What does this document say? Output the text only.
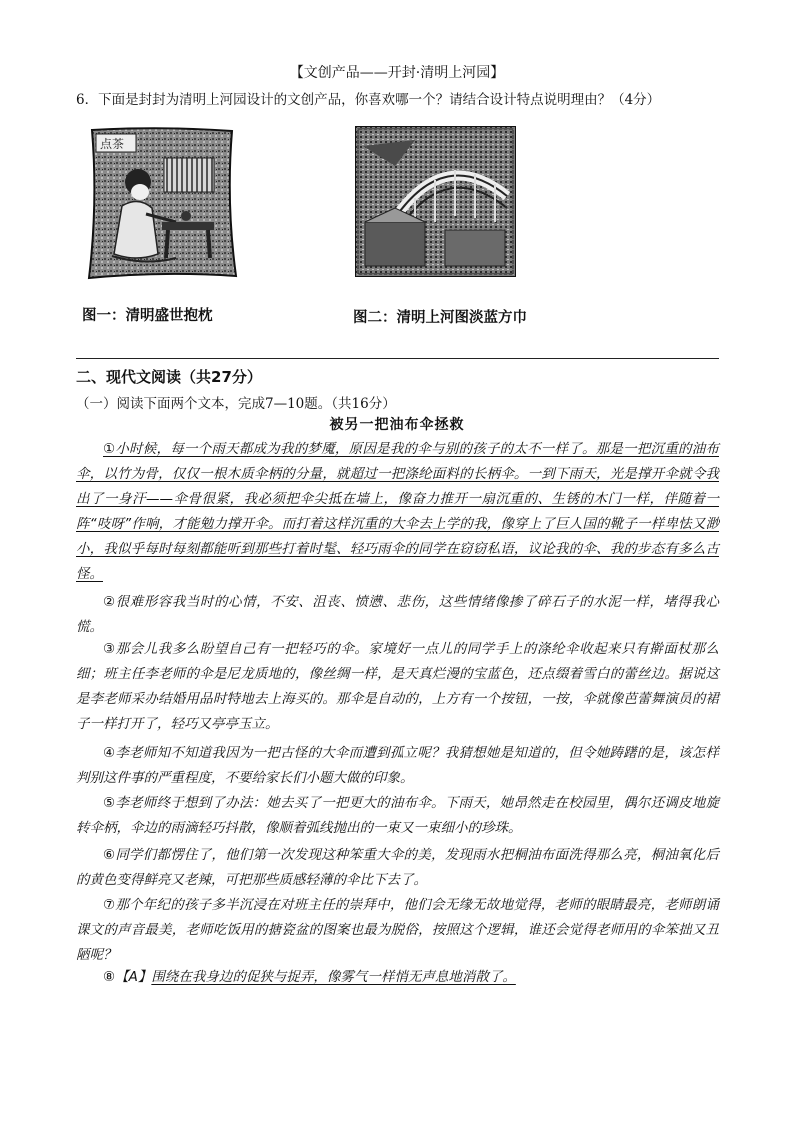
【文创产品——开封·清明上河园】
6．下面是封封为清明上河园设计的文创产品，你喜欢哪一个？请结合设计特点说明理由？（4分）
点茶
图一：清明盛世抱枕	图二：清明上河图淡蓝方巾
二、现代文阅读（共27分）
（一）阅读下面两个文本，完成7—10题。（共16分）
被另一把油布伞拯救
①小时候，每一个雨天都成为我的梦魇，原因是我的伞与别的孩子的太不一样了。那是一把沉重的油布伞，以竹为骨，仅仅一根木质伞柄的分量，就超过一把涤纶面料的长柄伞。一到下雨天，光是撑开伞就令我出了一身汗——伞骨很紧，我必须把伞尖抵在墙上，像奋力推开一扇沉重的、生锈的木门一样，伴随着一阵“吱呀”作响，才能勉力撑开伞。而打着这样沉重的大伞去上学的我，像穿上了巨人国的靴子一样卑怯又渺小，我似乎每时每刻都能听到那些打着时髦、轻巧雨伞的同学在窃窃私语，议论我的伞、我的步态有多么古怪。
②很难形容我当时的心情，不安、沮丧、愤懑、悲伤，这些情绪像掺了碎石子的水泥一样，堵得我心慌。
③那会儿我多么盼望自己有一把轻巧的伞。家境好一点儿的同学手上的涤纶伞收起来只有擀面杖那么细；班主任李老师的伞是尼龙质地的，像丝绸一样，是天真烂漫的宝蓝色，还点缀着雪白的蕾丝边。据说这是李老师采办结婚用品时特地去上海买的。那伞是自动的，上方有一个按钮，一按，伞就像芭蕾舞演员的裙子一样打开了，轻巧又亭亭玉立。
④李老师知不知道我因为一把古怪的大伞而遭到孤立呢？我猜想她是知道的，但令她踌躇的是，该怎样判别这件事的严重程度，不要给家长们小题大做的印象。
⑤李老师终于想到了办法：她去买了一把更大的油布伞。下雨天，她昂然走在校园里，偶尔还调皮地旋转伞柄，伞边的雨滴轻巧抖散，像顺着弧线抛出的一束又一束细小的珍珠。
⑥同学们都愣住了，他们第一次发现这种笨重大伞的美，发现雨水把桐油布面洗得那么亮，桐油氧化后的黄色变得鲜亮又老辣，可把那些质感轻薄的伞比下去了。
⑦那个年纪的孩子多半沉浸在对班主任的崇拜中，他们会无缘无故地觉得，老师的眼睛最亮，老师朗诵课文的声音最美，老师吃饭用的搪瓷盆的图案也最为脱俗，按照这个逻辑，谁还会觉得老师用的伞笨拙又丑陋呢？
⑧【A】围绕在我身边的促狭与捉弄，像雾气一样悄无声息地消散了。
